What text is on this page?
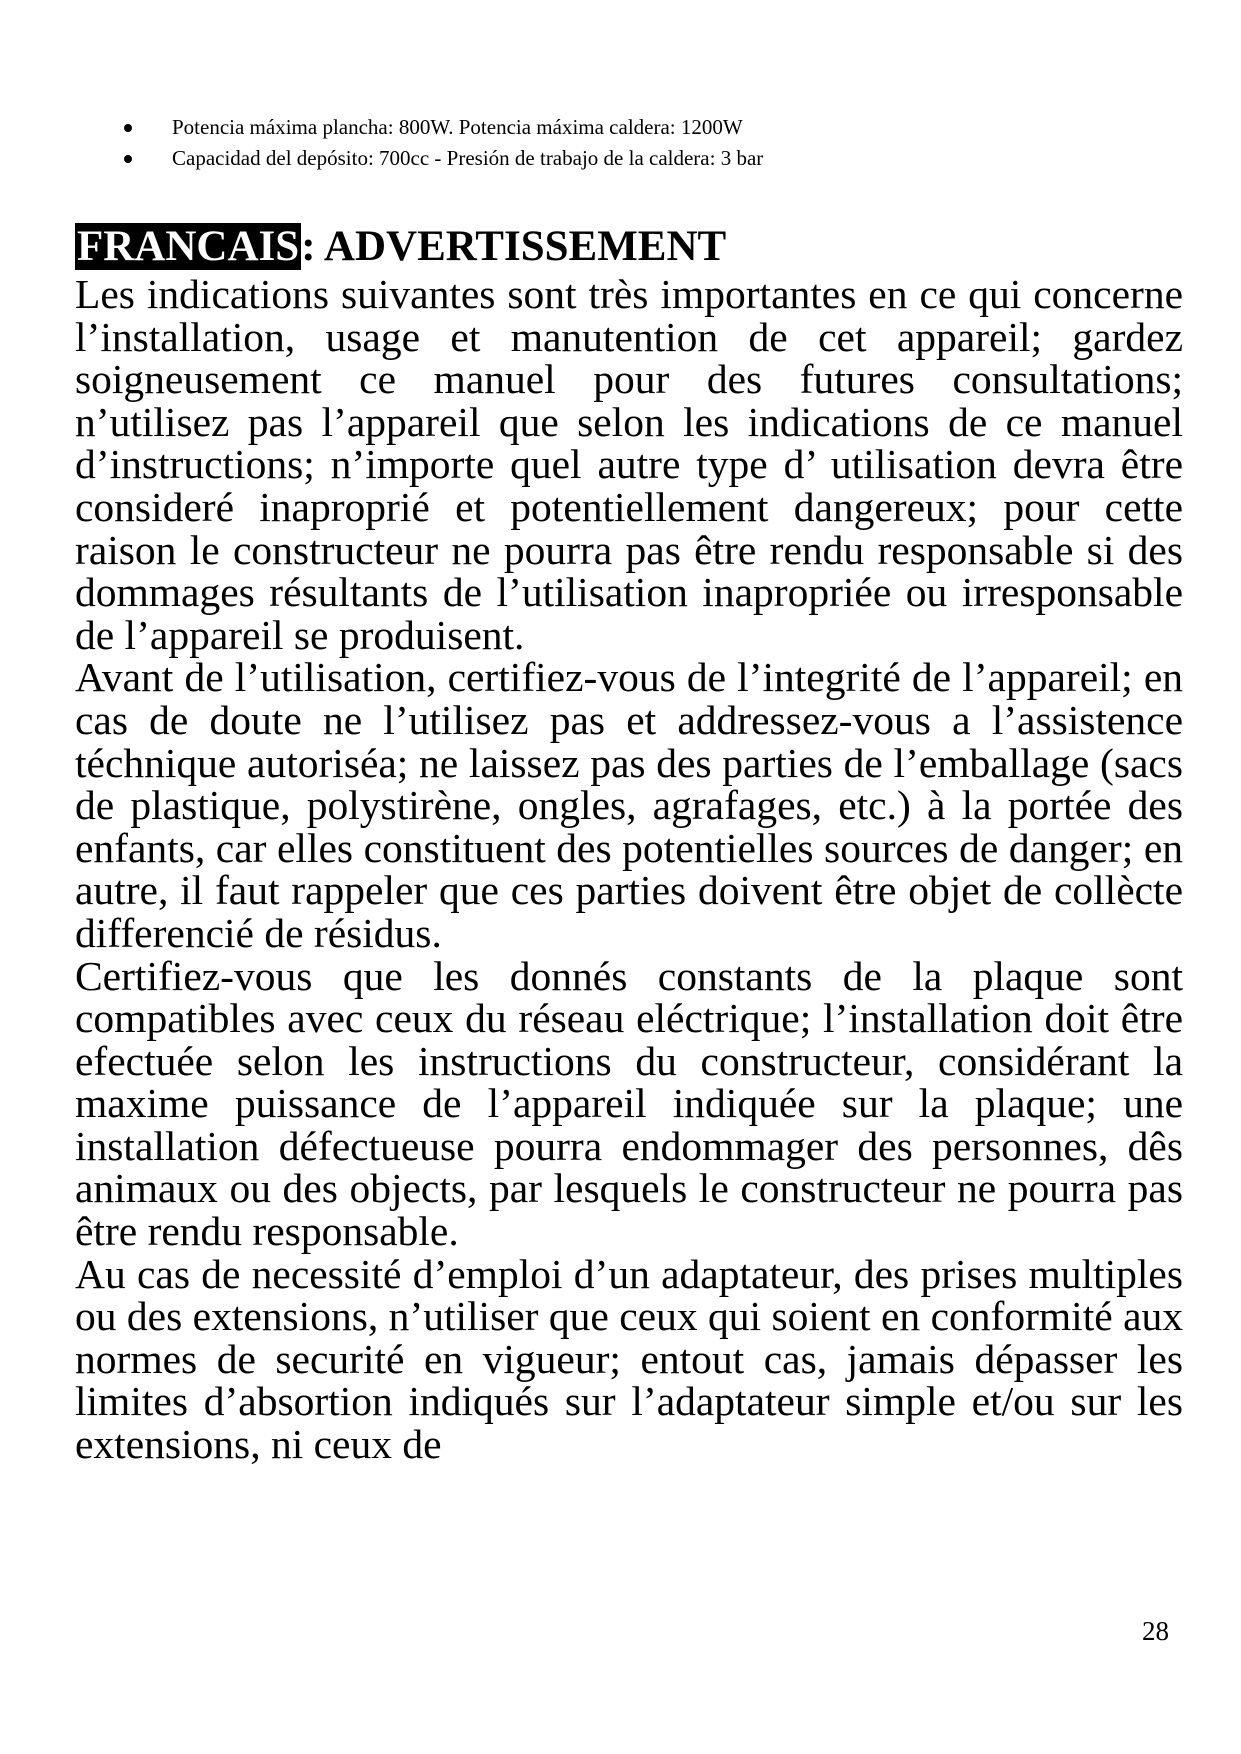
Potencia máxima plancha: 800W. Potencia máxima caldera: 1200W
Capacidad del depósito: 700cc - Presión de trabajo de la caldera: 3 bar
FRANCAIS: ADVERTISSEMENT

Les indications suivantes sont très importantes en ce qui concerne l’installation, usage et manutention de cet appareil; gardez soigneusement ce manuel pour des futures consultations; n’utilisez pas l’appareil que selon les indications de ce manuel d’instructions; n’importe quel autre type d’ utilisation devra être consideré inaproprié et potentiellement dangereux; pour cette raison le constructeur ne pourra pas être rendu responsable si des dommages résultants de l’utilisation inapropriée ou irresponsable de l’appareil se produisent.

Avant de l’utilisation, certifiez-vous de l’integrité de l’appareil; en cas de doute ne l’utilisez pas et addressez-vous a l’assistence téchnique autoriséa; ne laissez pas des parties de l’emballage (sacs de plastique, polystirène, ongles, agrafages, etc.) à la portée des enfants, car elles constituent des potentielles sources de danger; en autre, il faut rappeler que ces parties doivent être objet de collècte differencié de résidus.

Certifiez-vous que les donnés constants de la plaque sont compatibles avec ceux du réseau eléctrique; l’installation doit être efectuée selon les instructions du constructeur, considérant la maxime puissance de l’appareil indiquée sur la plaque; une installation défectueuse pourra endommager des personnes, dês animaux ou des objects, par lesquels le constructeur ne pourra pas être rendu responsable.

Au cas de necessité d’emploi d’un adaptateur, des prises multiples ou des extensions, n’utiliser que ceux qui soient en conformité aux normes de securité en vigueur; entout cas, jamais dépasser les limites d’absortion indiqués sur l’adaptateur simple et/ou sur les extensions, ni ceux de

28
